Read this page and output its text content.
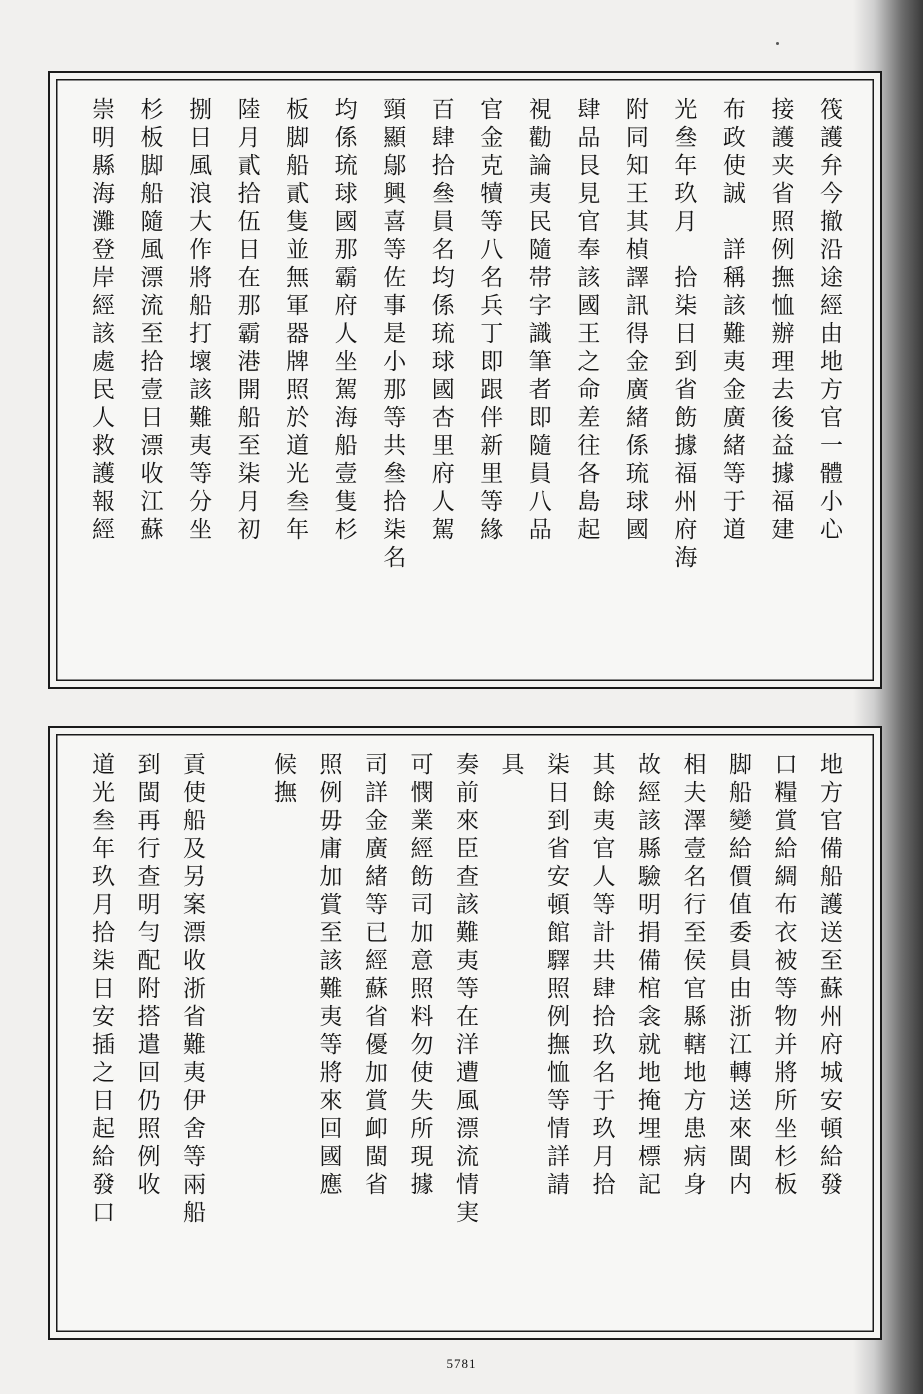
筏護弁今撤沿途經由地方官一體小心
接護夹省照例撫恤辦理去後益據福建
布政使誠　詳稱該難夷金廣緒等于道
光叄年玖月　拾柒日到省飭據福州府海
附同知王其楨譯訊得金廣緒係琉球國
肆品艮見官奉該國王之命差往各島起
視勸論夷民隨帯字識筆者即隨員八品
官金克犢等八名兵丁即跟伴新里等緣
百肆拾叄員名均係琉球國杏里府人駕
頸顯鄔興喜等佐事是小那等共叄拾柒名
均係琉球國那霸府人坐駕海船壹隻杉
板脚船貳隻並無軍器牌照於道光叁年
陸月貳拾伍日在那霸港開船至柒月初
捌日風浪大作將船打壞該難夷等分坐
杉板脚船隨風漂流至拾壹日漂收江蘇
崇明縣海灘登岸經該處民人救護報經
地方官備船護送至蘇州府城安頓給發
口糧賞給綢布衣被等物并將所坐杉板
脚船變給價值委員由浙江轉送來閩内
相夫澤壹名行至侯官縣轄地方患病身
故經該縣驗明捐備棺衾就地掩埋標記
其餘夷官人等計共肆拾玖名于玖月拾
柒日到省安頓館驛照例撫恤等情詳請
具
奏前來臣查該難夷等在洋遭風漂流情実
可憫業經飭司加意照料勿使失所現據
司詳金廣緒等已經蘇省優加賞卹閩省
照例毋庸加賞至該難夷等將來回國應
候撫
貢使船及另案漂收浙省難夷伊舍等兩船
到閩再行查明勻配附搭遣回仍照例收
道光叁年玖月拾柒日安插之日起給發口
5781
